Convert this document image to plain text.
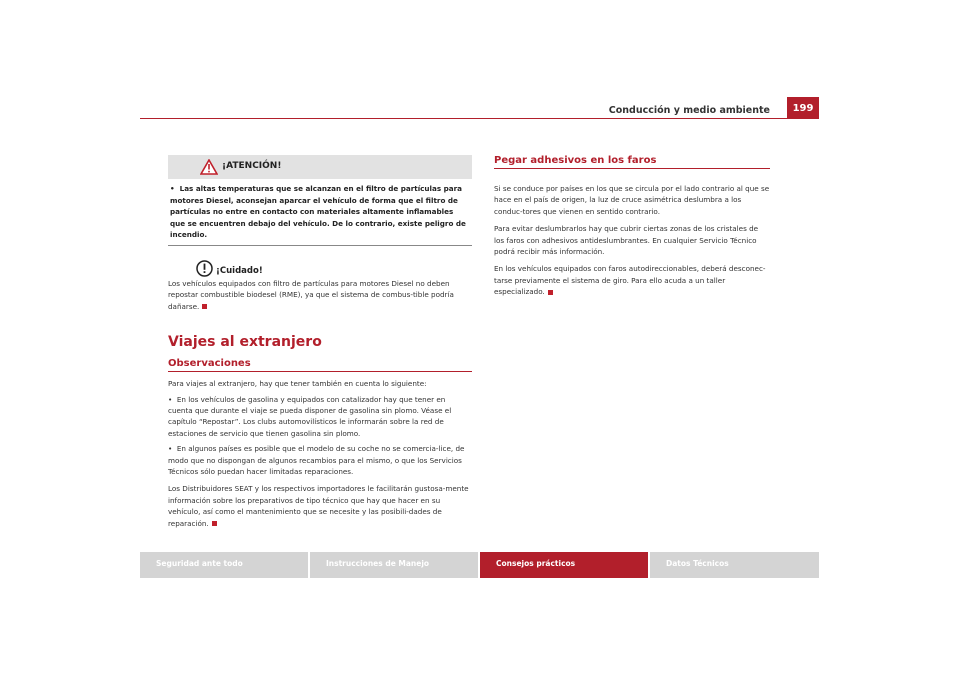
Conducción y medio ambiente	199
¡ATENCIÓN!
• Las altas temperaturas que se alcanzan en el filtro de partículas para motores Diesel, aconsejan aparcar el vehículo de forma que el filtro de partículas no entre en contacto con materiales altamente inflamables que se encuentren debajo del vehículo. De lo contrario, existe peligro de incendio.
¡Cuidado!
Los vehículos equipados con filtro de partículas para motores Diesel no deben repostar combustible biodesel (RME), ya que el sistema de combus-tible podría dañarse.
Viajes al extranjero
Observaciones
Para viajes al extranjero, hay que tener también en cuenta lo siguiente:
• En los vehículos de gasolina y equipados con catalizador hay que tener en cuenta que durante el viaje se pueda disponer de gasolina sin plomo. Véase el capítulo “Repostar”. Los clubs automovilísticos le informarán sobre la red de estaciones de servicio que tienen gasolina sin plomo.
• En algunos países es posible que el modelo de su coche no se comercia-lice, de modo que no dispongan de algunos recambios para el mismo, o que los Servicios Técnicos sólo puedan hacer limitadas reparaciones.
Los Distribuidores SEAT y los respectivos importadores le facilitarán gustosa-mente información sobre los preparativos de tipo técnico que hay que hacer en su vehículo, así como el mantenimiento que se necesite y las posibili-dades de reparación.
Pegar adhesivos en los faros
Si se conduce por países en los que se circula por el lado contrario al que se hace en el país de origen, la luz de cruce asimétrica deslumbra a los conduc-tores que vienen en sentido contrario.
Para evitar deslumbrarlos hay que cubrir ciertas zonas de los cristales de los faros con adhesivos antideslumbrantes. En cualquier Servicio Técnico podrá recibir más información.
En los vehículos equipados con faros autodireccionables, deberá desconec-tarse previamente el sistema de giro. Para ello acuda a un taller especializado.
Seguridad ante todo	Instrucciones de Manejo	Consejos prácticos	Datos Técnicos
